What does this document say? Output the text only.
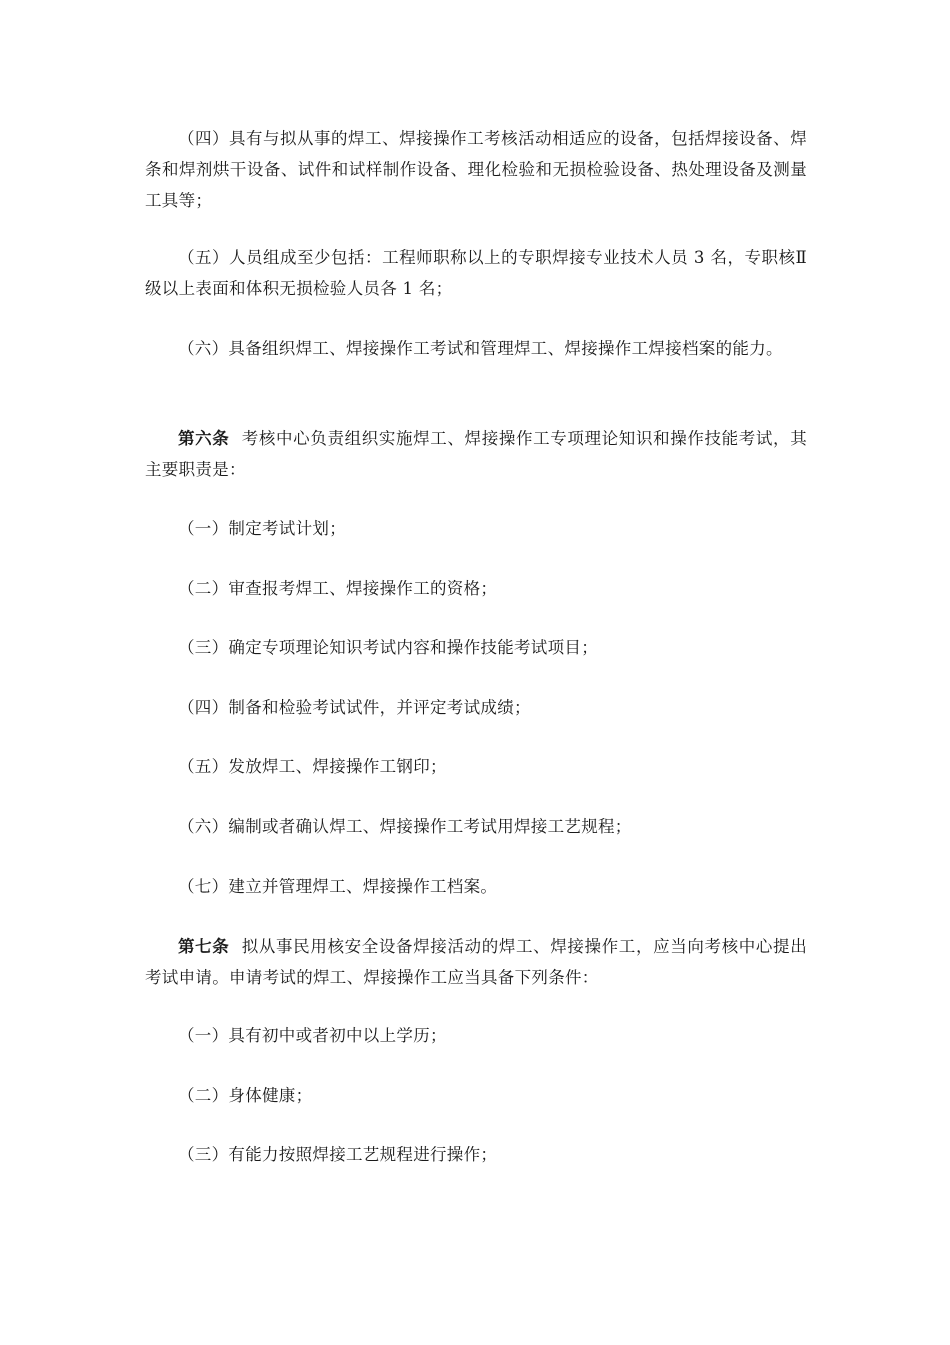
（四）具有与拟从事的焊工、焊接操作工考核活动相适应的设备，包括焊接设备、焊条和焊剂烘干设备、试件和试样制作设备、理化检验和无损检验设备、热处理设备及测量工具等；

（五）人员组成至少包括：工程师职称以上的专职焊接专业技术人员 3 名，专职核Ⅱ级以上表面和体积无损检验人员各 1 名；

（六）具备组织焊工、焊接操作工考试和管理焊工、焊接操作工焊接档案的能力。

第六条 考核中心负责组织实施焊工、焊接操作工专项理论知识和操作技能考试，其主要职责是：

（一）制定考试计划；

（二）审查报考焊工、焊接操作工的资格；

（三）确定专项理论知识考试内容和操作技能考试项目；

（四）制备和检验考试试件，并评定考试成绩；

（五）发放焊工、焊接操作工钢印；

（六）编制或者确认焊工、焊接操作工考试用焊接工艺规程；

（七）建立并管理焊工、焊接操作工档案。

第七条 拟从事民用核安全设备焊接活动的焊工、焊接操作工，应当向考核中心提出考试申请。申请考试的焊工、焊接操作工应当具备下列条件：

（一）具有初中或者初中以上学历；

（二）身体健康；

（三）有能力按照焊接工艺规程进行操作；
